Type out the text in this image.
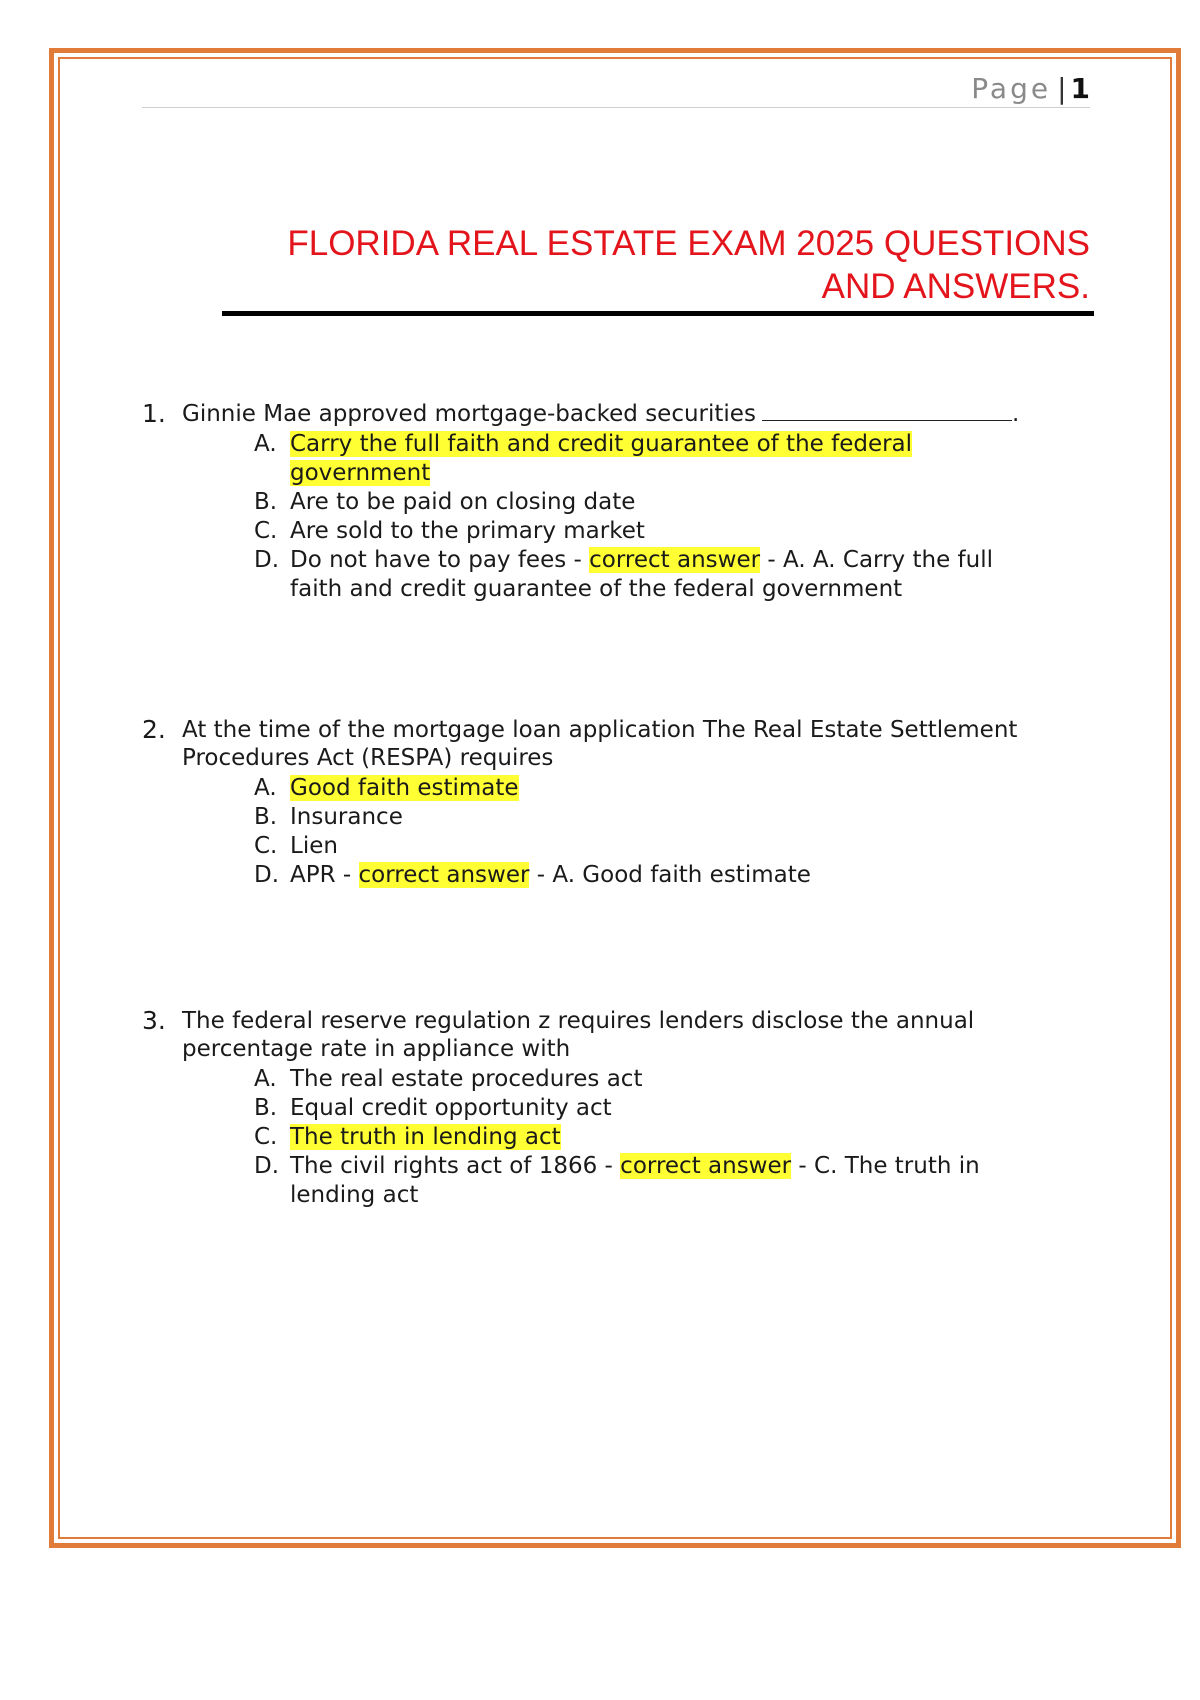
Page | 1
FLORIDA REAL ESTATE EXAM 2025 QUESTIONS
AND ANSWERS.
1. Ginnie Mae approved mortgage-backed securities	.
A. Carry the full faith and credit guarantee of the federal
government
B. Are to be paid on closing date
C. Are sold to the primary market
D. Do not have to pay fees - correct answer - A. A. Carry the full
faith and credit guarantee of the federal government
2. At the time of the mortgage loan application The Real Estate Settlement
Procedures Act (RESPA) requires
A. Good faith estimate
B. Insurance
C. Lien
D. APR - correct answer - A. Good faith estimate
3. The federal reserve regulation z requires lenders disclose the annual
percentage rate in appliance with
A. The real estate procedures act
B. Equal credit opportunity act
C. The truth in lending act
D. The civil rights act of 1866 - correct answer - C. The truth in
lending act
